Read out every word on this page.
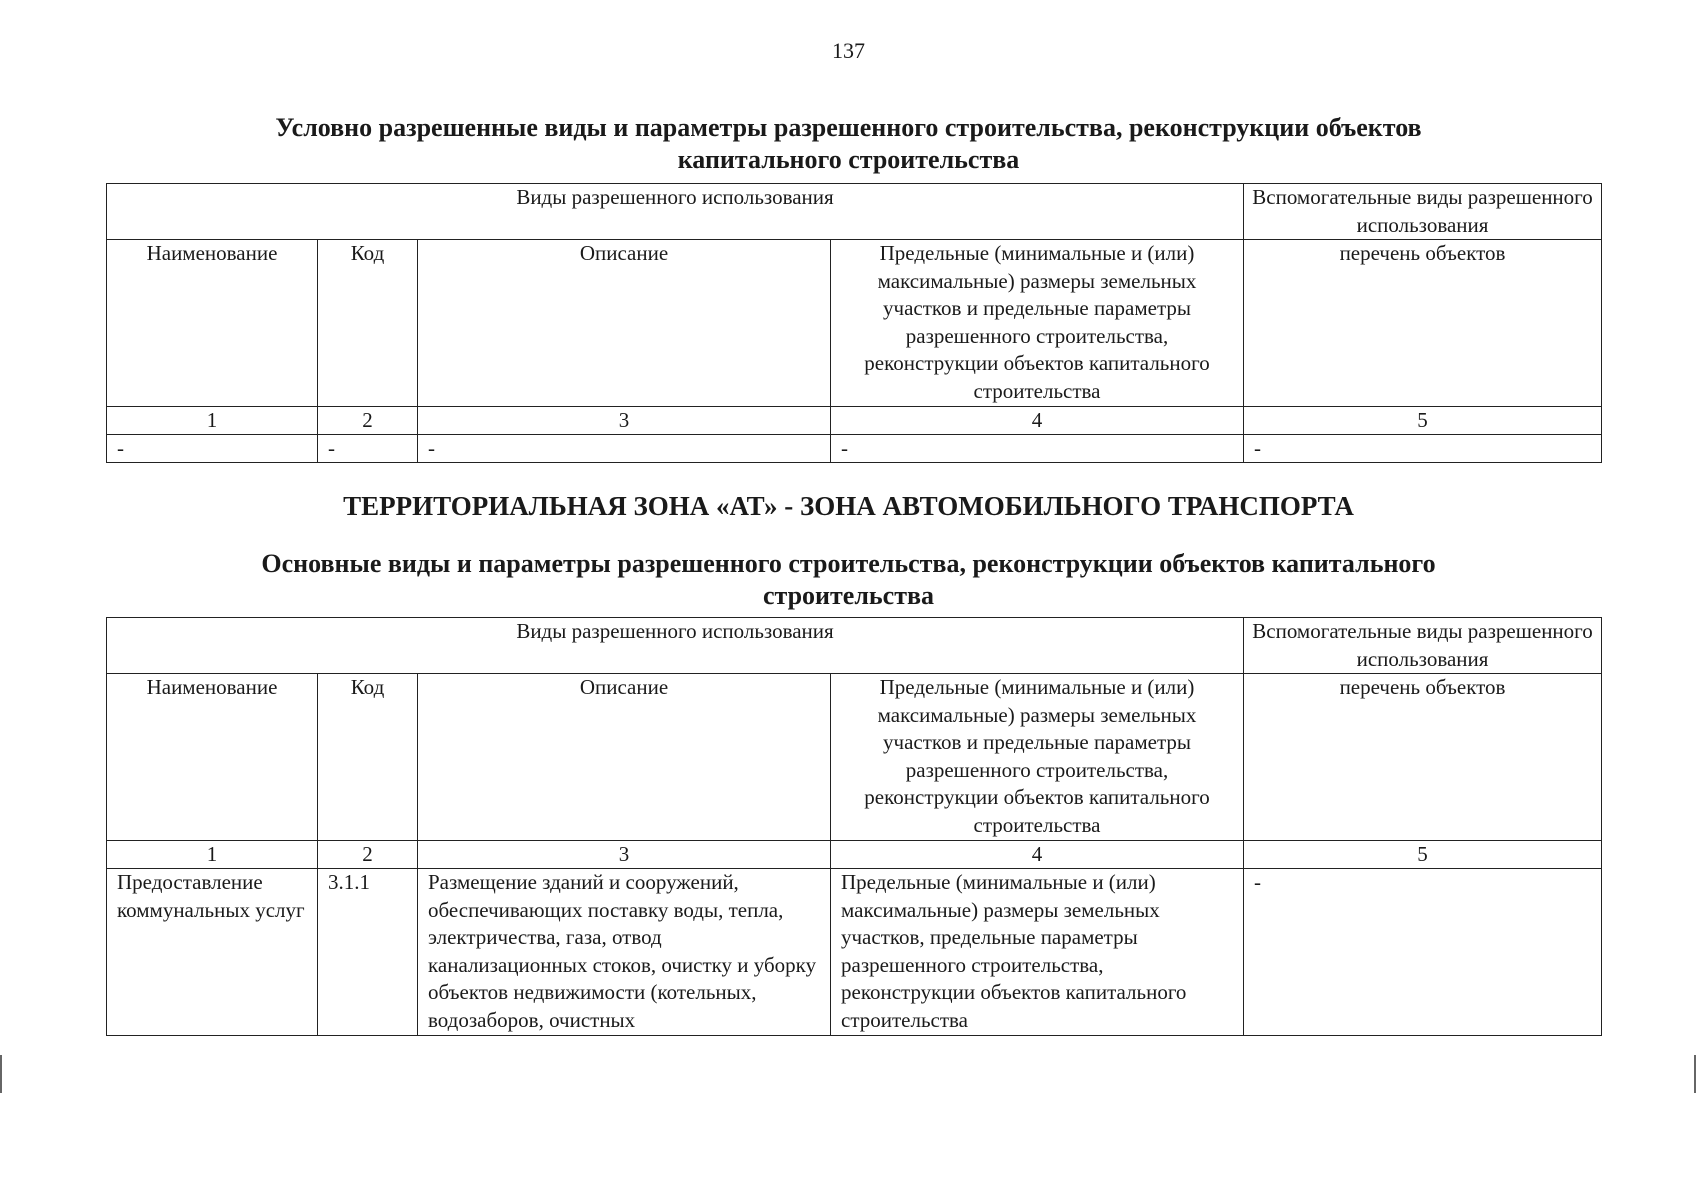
137
Условно разрешенные виды и параметры разрешенного строительства, реконструкции объектов
капитального строительства
Виды разрешенного использования				Вспомогательные виды разрешенного использования
Наименование	Код	Описание	Предельные (минимальные и (или) максимальные) размеры земельных участков и предельные параметры разрешенного строительства, реконструкции объектов капитального строительства	перечень объектов
1	2	3	4	5
-	-	-	-	-
ТЕРРИТОРИАЛЬНАЯ ЗОНА «АТ» - ЗОНА АВТОМОБИЛЬНОГО ТРАНСПОРТА
Основные виды и параметры разрешенного строительства, реконструкции объектов капитального
строительства
Виды разрешенного использования				Вспомогательные виды разрешенного использования
Наименование	Код	Описание	Предельные (минимальные и (или) максимальные) размеры земельных участков и предельные параметры разрешенного строительства, реконструкции объектов капитального строительства	перечень объектов
1	2	3	4	5
Предоставление коммунальных услуг	3.1.1	Размещение зданий и сооружений, обеспечивающих поставку воды, тепла, электричества, газа, отвод канализационных стоков, очистку и уборку объектов недвижимости (котельных, водозаборов, очистных	Предельные (минимальные и (или) максимальные) размеры земельных участков, предельные параметры разрешенного строительства, реконструкции объектов капитального строительства	-
